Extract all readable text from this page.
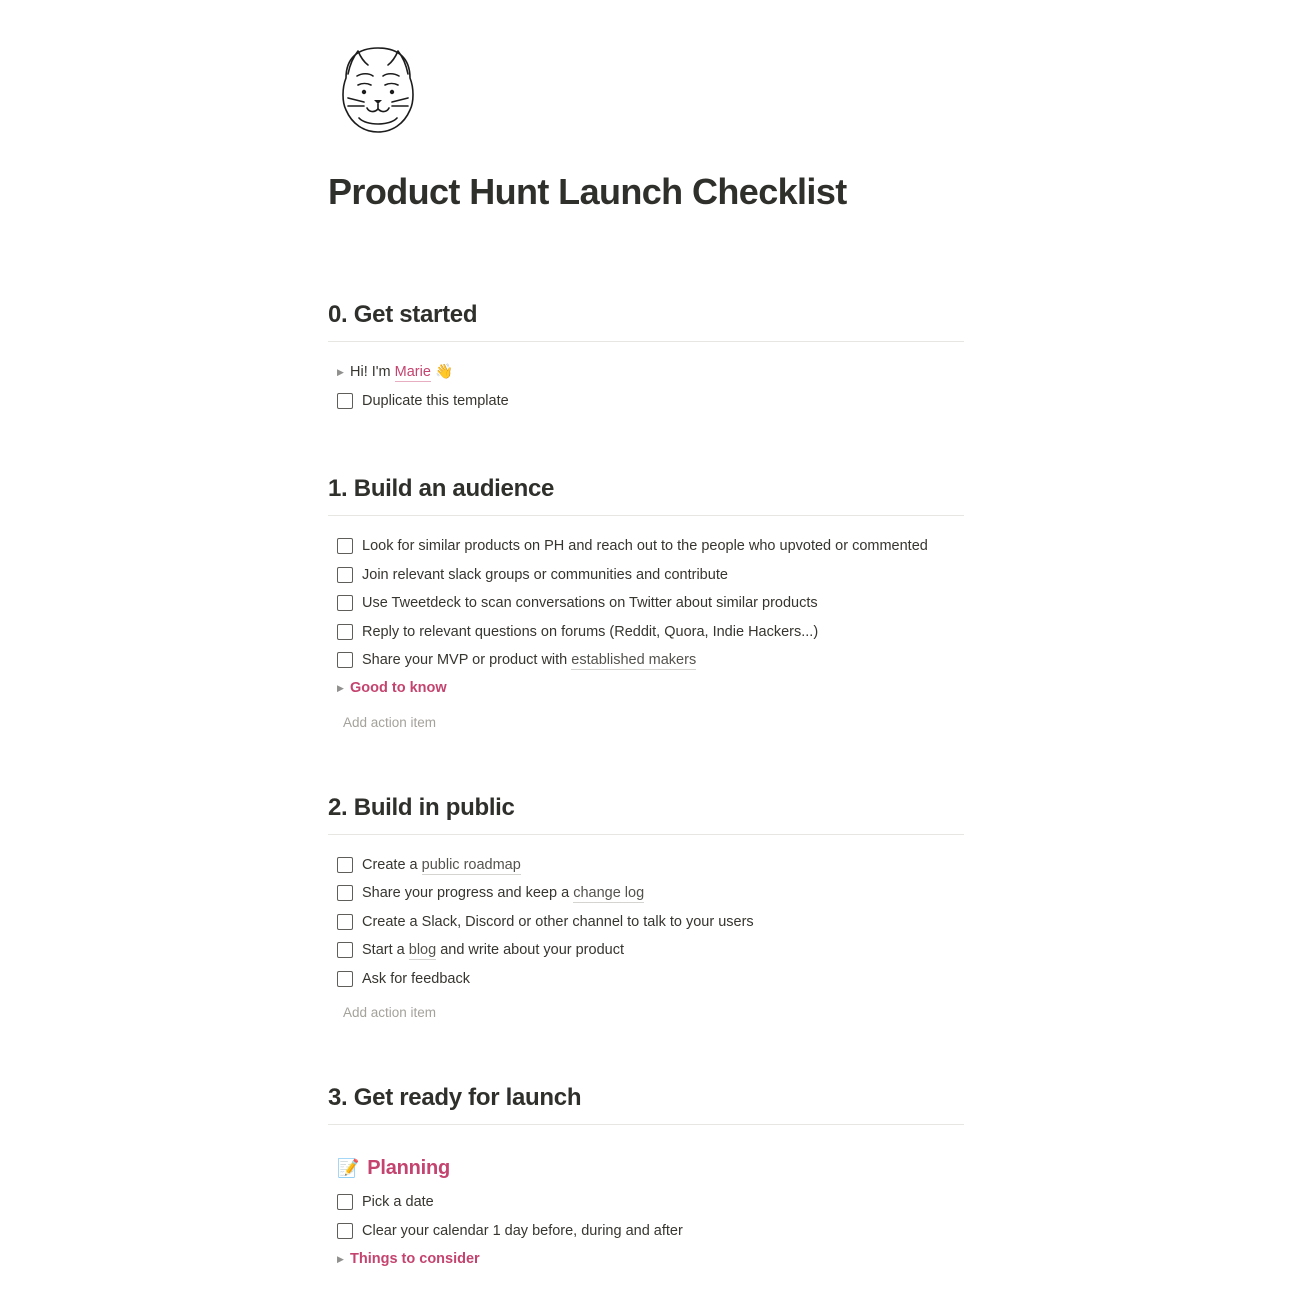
Product Hunt Launch Checklist
0. Get started
▶ Hi! I'm Marie 👋
Duplicate this template
1. Build an audience
Look for similar products on PH and reach out to the people who upvoted or commented
Join relevant slack groups or communities and contribute
Use Tweetdeck to scan conversations on Twitter about similar products
Reply to relevant questions on forums (Reddit, Quora, Indie Hackers...)
Share your MVP or product with established makers
▶ Good to know
Add action item
2. Build in public
Create a public roadmap
Share your progress and keep a change log
Create a Slack, Discord or other channel to talk to your users
Start a blog and write about your product
Ask for feedback
Add action item
3. Get ready for launch
📝 Planning
Pick a date
Clear your calendar 1 day before, during and after
▶ Things to consider
